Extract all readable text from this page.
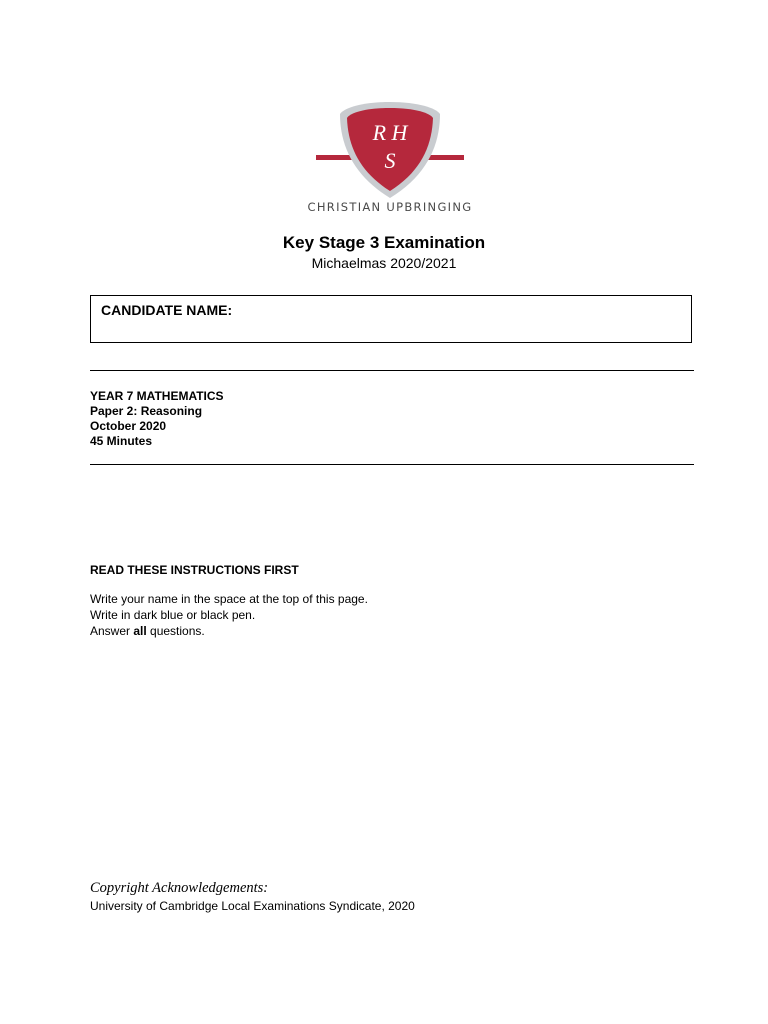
R H
S
CHRISTIAN UPBRINGING
Key Stage 3 Examination
Michaelmas 2020/2021
CANDIDATE NAME:
YEAR 7 MATHEMATICS
Paper 2: Reasoning
October 2020
45 Minutes
READ THESE INSTRUCTIONS FIRST
Write your name in the space at the top of this page.
Write in dark blue or black pen.
Answer all questions.
Copyright Acknowledgements:
University of Cambridge Local Examinations Syndicate, 2020
